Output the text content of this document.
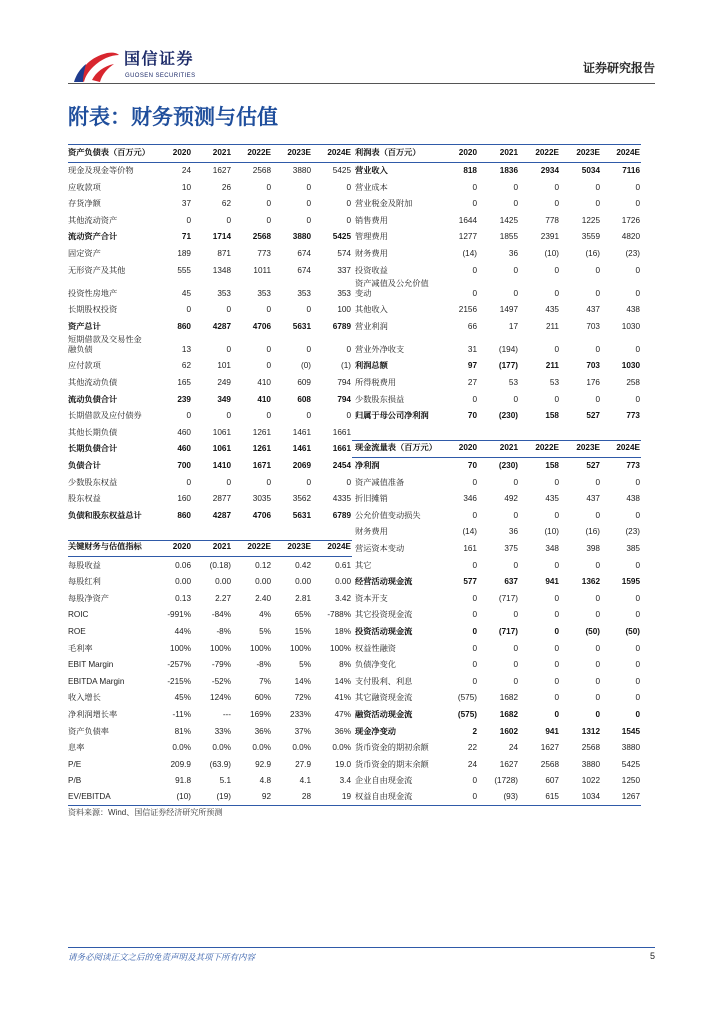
国信证券
GUOSEN SECURITIES
证券研究报告
附表：财务预测与估值
资产负债表（百万元）	2020	2021	2022E	2023E	2024E	利润表（百万元）	2020	2021	2022E	2023E	2024E
现金及现金等价物	24	1627	2568	3880	5425	营业收入	818	1836	2934	5034	7116
应收款项	10	26	0	0	0	营业成本	0	0	0	0	0
存货净额	37	62	0	0	0	营业税金及附加	0	0	0	0	0
其他流动资产	0	0	0	0	0	销售费用	1644	1425	778	1225	1726
流动资产合计	71	1714	2568	3880	5425	管理费用	1277	1855	2391	3559	4820
固定资产	189	871	773	674	574	财务费用	(14)	36	(10)	(16)	(23)
无形资产及其他	555	1348	1011	674	337	投资收益	0	0	0	0	0
投资性房地产	45	353	353	353	353	资产减值及公允价值变动	0	0	0	0	0
长期股权投资	0	0	0	0	100	其他收入	2156	1497	435	437	438
资产总计	860	4287	4706	5631	6789	营业利润	66	17	211	703	1030
短期借款及交易性金融负债	13	0	0	0	0	营业外净收支	31	(194)	0	0	0
应付款项	62	101	0	(0)	(1)	利润总额	97	(177)	211	703	1030
其他流动负债	165	249	410	609	794	所得税费用	27	53	53	176	258
流动负债合计	239	349	410	608	794	少数股东损益	0	0	0	0	0
长期借款及应付债券	0	0	0	0	0	归属于母公司净利润	70	(230)	158	527	773
其他长期负债	460	1061	1261	1461	1661						
长期负债合计	460	1061	1261	1461	1661	现金流量表（百万元）	2020	2021	2022E	2023E	2024E
负债合计	700	1410	1671	2069	2454	净利润	70	(230)	158	527	773
少数股东权益	0	0	0	0	0	资产减值准备	0	0	0	0	0
股东权益	160	2877	3035	3562	4335	折旧摊销	346	492	435	437	438
负债和股东权益总计	860	4287	4706	5631	6789	公允价值变动损失	0	0	0	0	0
						财务费用	(14)	36	(10)	(16)	(23)
关键财务与估值指标	2020	2021	2022E	2023E	2024E	营运资本变动	161	375	348	398	385
每股收益	0.06	(0.18)	0.12	0.42	0.61	其它	0	0	0	0	0
每股红利	0.00	0.00	0.00	0.00	0.00	经营活动现金流	577	637	941	1362	1595
每股净资产	0.13	2.27	2.40	2.81	3.42	资本开支	0	(717)	0	0	0
ROIC	-991%	-84%	4%	65%	-788%	其它投资现金流	0	0	0	0	0
ROE	44%	-8%	5%	15%	18%	投资活动现金流	0	(717)	0	(50)	(50)
毛利率	100%	100%	100%	100%	100%	权益性融资	0	0	0	0	0
EBIT Margin	-257%	-79%	-8%	5%	8%	负债净变化	0	0	0	0	0
EBITDA Margin	-215%	-52%	7%	14%	14%	支付股利、利息	0	0	0	0	0
收入增长	45%	124%	60%	72%	41%	其它融资现金流	(575)	1682	0	0	0
净利润增长率	-11%	---	169%	233%	47%	融资活动现金流	(575)	1682	0	0	0
资产负债率	81%	33%	36%	37%	36%	现金净变动	2	1602	941	1312	1545
息率	0.0%	0.0%	0.0%	0.0%	0.0%	货币资金的期初余额	22	24	1627	2568	3880
P/E	209.9	(63.9)	92.9	27.9	19.0	货币资金的期末余额	24	1627	2568	3880	5425
P/B	91.8	5.1	4.8	4.1	3.4	企业自由现金流	0	(1728)	607	1022	1250
EV/EBITDA	(10)	(19)	92	28	19	权益自由现金流	0	(93)	615	1034	1267
资料来源：Wind、国信证券经济研究所预测
请务必阅读正文之后的免责声明及其项下所有内容	5
